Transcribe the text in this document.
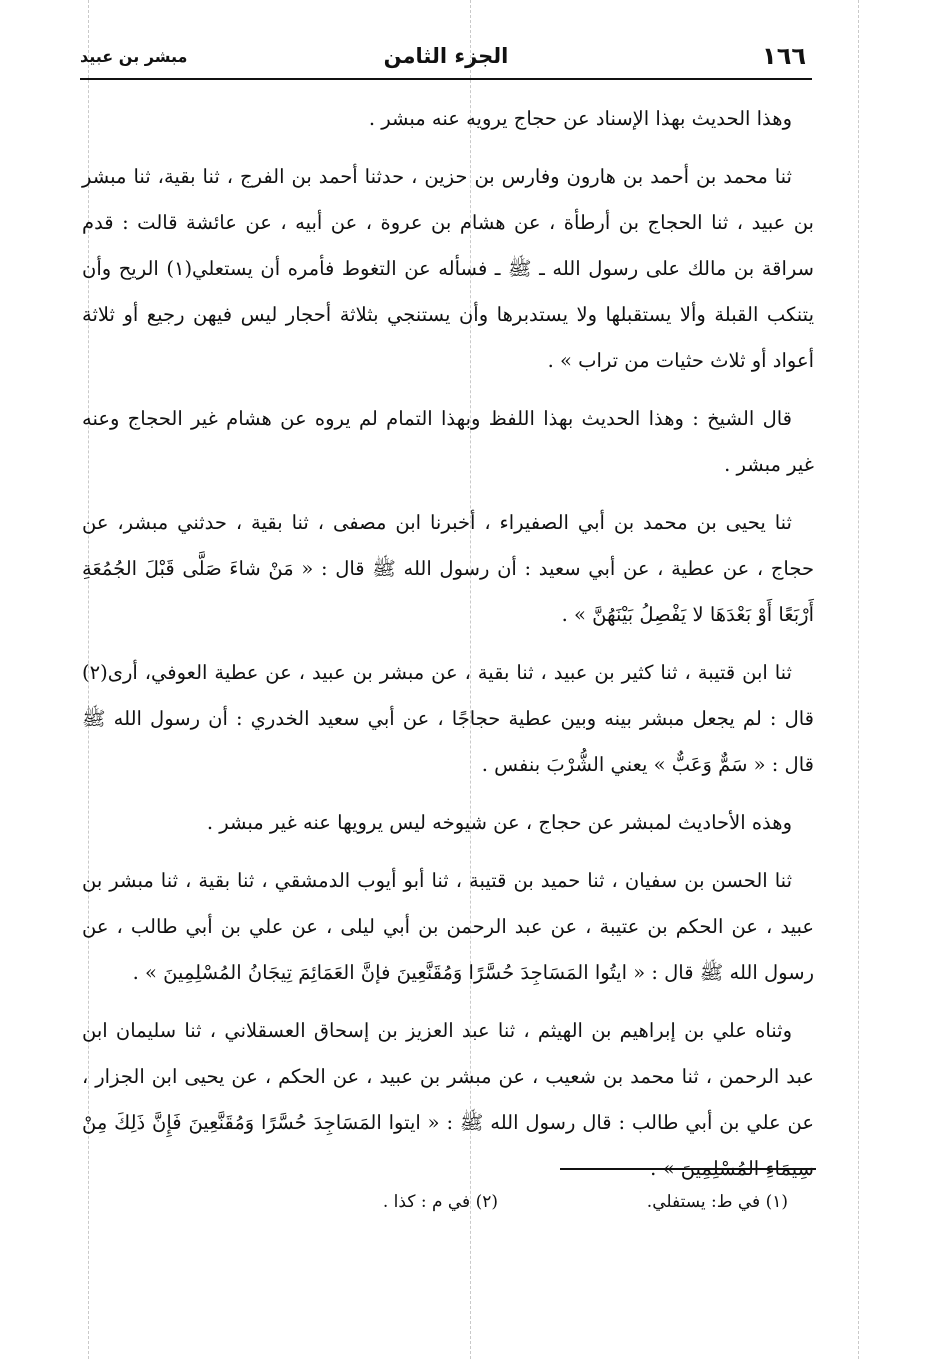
١٦٦
الجزء الثامن
مبشر بن عبيد

وهذا الحديث بهذا الإسناد عن حجاج يرويه عنه مبشر .

ثنا محمد بن أحمد بن هارون وفارس بن حزين ، حدثنا أحمد بن الفرج ، ثنا بقية، ثنا مبشر بن عبيد ، ثنا الحجاج بن أرطأة ، عن هشام بن عروة ، عن أبيه ، عن عائشة قالت : قدم سراقة بن مالك على رسول الله ـ ﷺ ـ فسأله عن التغوط فأمره أن يستعلي(١) الريح وأن يتنكب القبلة وألا يستقبلها ولا يستدبرها وأن يستنجي بثلاثة أحجار ليس فيهن رجيع أو ثلاثة أعواد أو ثلاث حثيات من تراب » .

قال الشيخ : وهذا الحديث بهذا اللفظ وبهذا التمام لم يروه عن هشام غير الحجاج وعنه غير مبشر .

ثنا يحيى بن محمد بن أبي الصفيراء ، أخبرنا ابن مصفى ، ثنا بقية ، حدثني مبشر، عن حجاج ، عن عطية ، عن أبي سعيد : أن رسول الله ﷺ قال : « مَنْ شاءَ صَلَّى قَبْلَ الجُمُعَةِ أَرْبَعًا أَوْ بَعْدَهَا لا يَفْصِلُ بَيْنَهُنَّ » .

ثنا ابن قتيبة ، ثنا كثير بن عبيد ، ثنا بقية ، عن مبشر بن عبيد ، عن عطية العوفي، أرى(٢) قال : لم يجعل مبشر بينه وبين عطية حجاجًا ، عن أبي سعيد الخدري : أن رسول الله ﷺ قال : « سَمٌّ وَعَبٌّ » يعني الشُّرْبَ بنفس .

وهذه الأحاديث لمبشر عن حجاج ، عن شيوخه ليس يرويها عنه غير مبشر .

ثنا الحسن بن سفيان ، ثنا حميد بن قتيبة ، ثنا أبو أيوب الدمشقي ، ثنا بقية ، ثنا مبشر بن عبيد ، عن الحكم بن عتيبة ، عن عبد الرحمن بن أبي ليلى ، عن علي بن أبي طالب ، عن رسول الله ﷺ قال : « ايتُوا المَسَاجِدَ حُسَّرًا وَمُقَنَّعِينَ فإنَّ العَمَائِمَ تِيجَانُ المُسْلِمِينَ » .

وثناه علي بن إبراهيم بن الهيثم ، ثنا عبد العزيز بن إسحاق العسقلاني ، ثنا سليمان ابن عبد الرحمن ، ثنا محمد بن شعيب ، عن مبشر بن عبيد ، عن الحكم ، عن يحيى ابن الجزار ، عن علي بن أبي طالب : قال رسول الله ﷺ : « ايتوا المَسَاجِدَ حُسَّرًا وَمُقَنَّعِينَ فَإِنَّ ذَلِكَ مِنْ سِيمَاءِ المُسْلِمِينَ » .

(١) في ط: يستفلي.
(٢) في م : كذا .
